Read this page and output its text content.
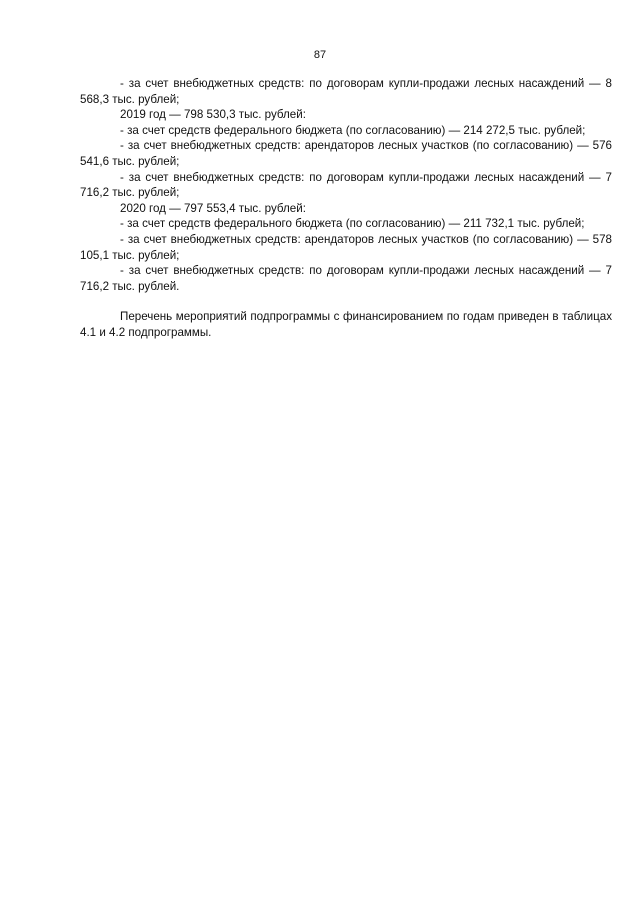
87

- за счет внебюджетных средств: по договорам купли-продажи лесных насаждений — 8 568,3 тыс. рублей;

2019 год — 798 530,3 тыс. рублей:

- за счет средств федерального бюджета (по согласованию) — 214 272,5 тыс. рублей;

- за счет внебюджетных средств: арендаторов лесных участков (по согласованию) — 576 541,6 тыс. рублей;

- за счет внебюджетных средств: по договорам купли-продажи лесных насаждений — 7 716,2 тыс. рублей;

2020 год — 797 553,4 тыс. рублей:

- за счет средств федерального бюджета (по согласованию) — 211 732,1 тыс. рублей;

- за счет внебюджетных средств: арендаторов лесных участков (по согласованию) — 578 105,1 тыс. рублей;

- за счет внебюджетных средств: по договорам купли-продажи лесных насаждений — 7 716,2 тыс. рублей.

Перечень мероприятий подпрограммы с финансированием по годам приведен в таблицах 4.1 и 4.2 подпрограммы.
